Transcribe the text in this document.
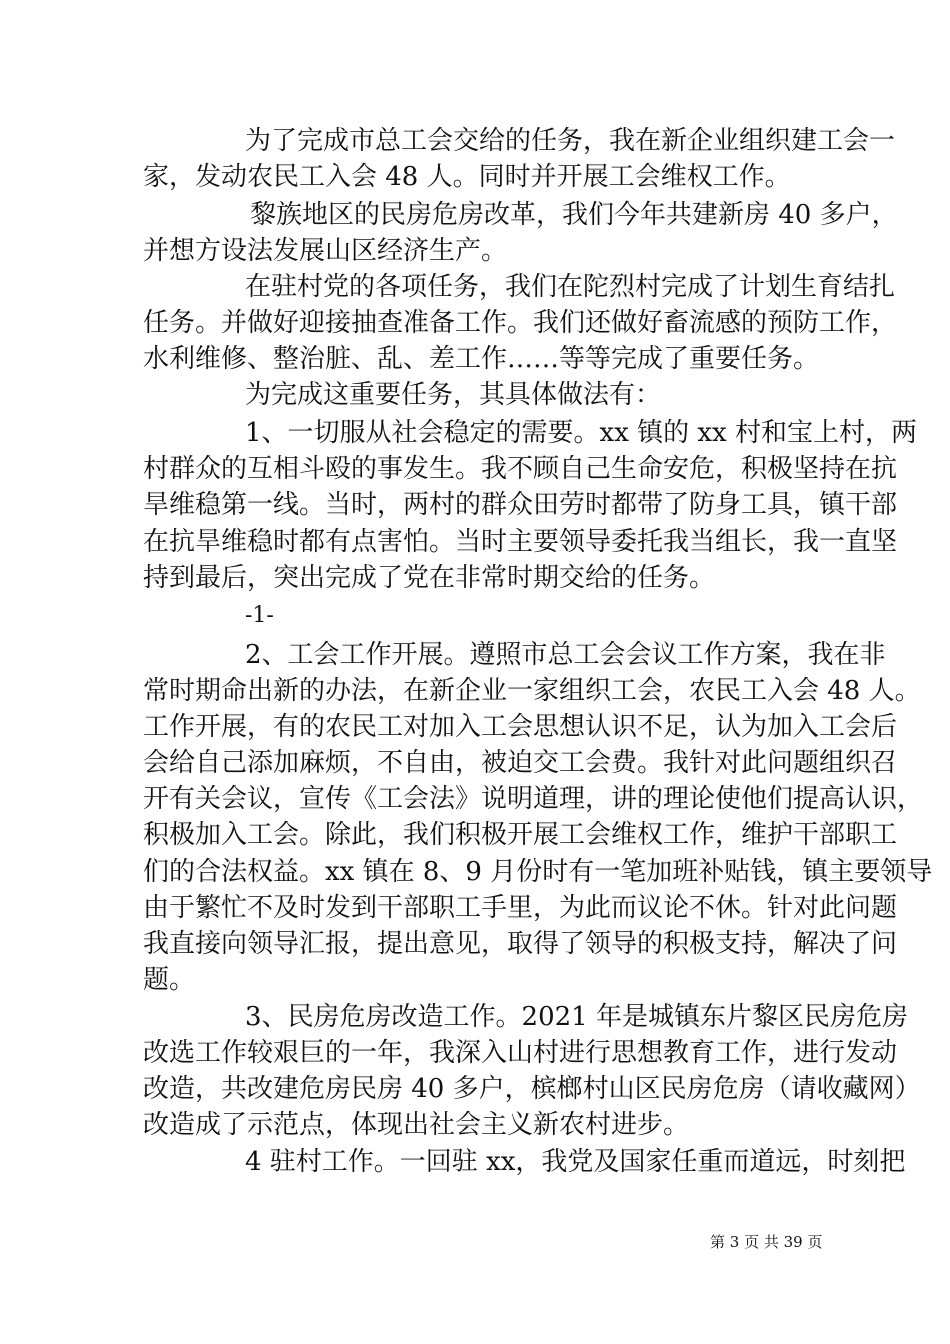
为了完成市总工会交给的任务，我在新企业组织建工会一
家，发动农民工入会 48 人。同时并开展工会维权工作。
黎族地区的民房危房改革，我们今年共建新房 40 多户，
并想方设法发展山区经济生产。
在驻村党的各项任务，我们在陀烈村完成了计划生育结扎
任务。并做好迎接抽查准备工作。我们还做好畜流感的预防工作，
水利维修、整治脏、乱、差工作……等等完成了重要任务。
为完成这重要任务，其具体做法有：
1、一切服从社会稳定的需要。xx 镇的 xx 村和宝上村，两
村群众的互相斗殴的事发生。我不顾自己生命安危，积极坚持在抗
旱维稳第一线。当时，两村的群众田劳时都带了防身工具，镇干部
在抗旱维稳时都有点害怕。当时主要领导委托我当组长，我一直坚
持到最后，突出完成了党在非常时期交给的任务。
-1-
2、工会工作开展。遵照市总工会会议工作方案，我在非
常时期命出新的办法，在新企业一家组织工会，农民工入会 48 人。
工作开展，有的农民工对加入工会思想认识不足，认为加入工会后
会给自己添加麻烦，不自由，被迫交工会费。我针对此问题组织召
开有关会议，宣传《工会法》说明道理，讲的理论使他们提高认识，
积极加入工会。除此，我们积极开展工会维权工作，维护干部职工
们的合法权益。xx 镇在 8、9 月份时有一笔加班补贴钱，镇主要领导
由于繁忙不及时发到干部职工手里，为此而议论不休。针对此问题
我直接向领导汇报，提出意见，取得了领导的积极支持，解决了问
题。
3、民房危房改造工作。2021 年是城镇东片黎区民房危房
改选工作较艰巨的一年，我深入山村进行思想教育工作，进行发动
改造，共改建危房民房 40 多户，槟榔村山区民房危房（请收藏网）
改造成了示范点，体现出社会主义新农村进步。
4 驻村工作。一回驻 xx，我党及国家任重而道远，时刻把
第 3 页 共 39 页
